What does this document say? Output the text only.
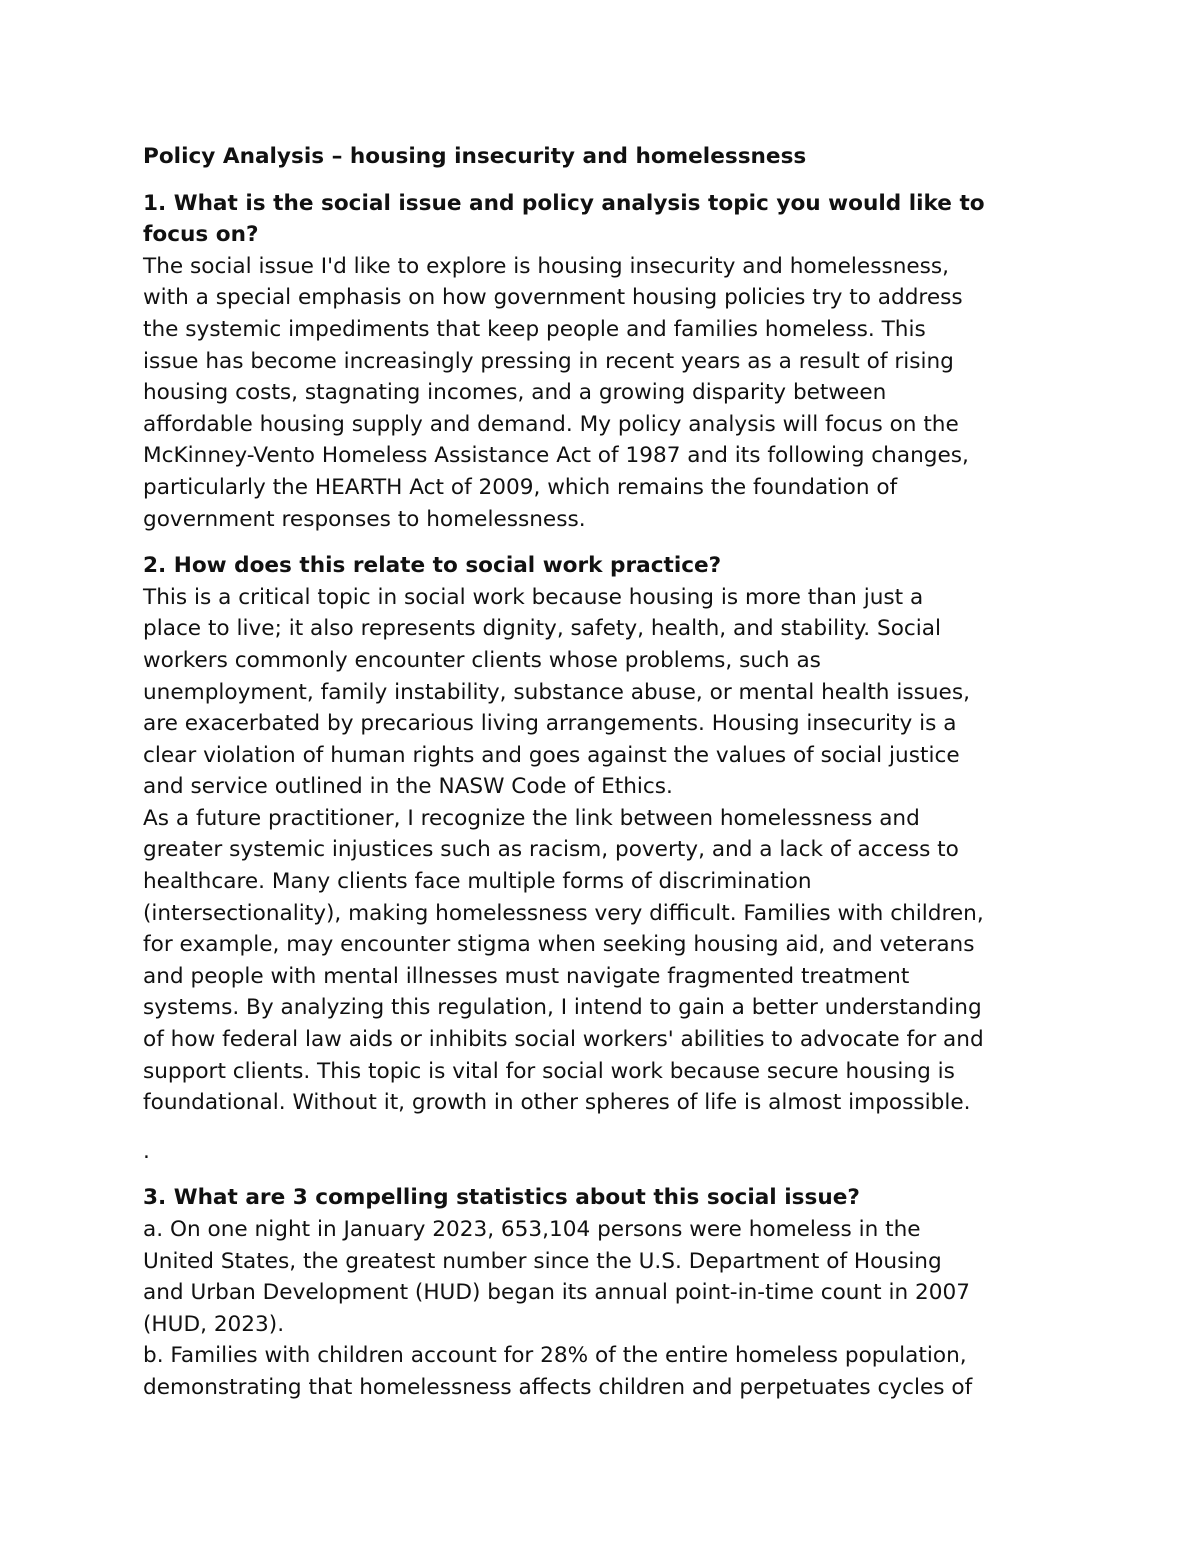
Policy Analysis – housing insecurity and homelessness
1. What is the social issue and policy analysis topic you would like to
focus on?
The social issue I'd like to explore is housing insecurity and homelessness,
with a special emphasis on how government housing policies try to address
the systemic impediments that keep people and families homeless. This
issue has become increasingly pressing in recent years as a result of rising
housing costs, stagnating incomes, and a growing disparity between
affordable housing supply and demand. My policy analysis will focus on the
McKinney-Vento Homeless Assistance Act of 1987 and its following changes,
particularly the HEARTH Act of 2009, which remains the foundation of
government responses to homelessness.
2. How does this relate to social work practice?
This is a critical topic in social work because housing is more than just a
place to live; it also represents dignity, safety, health, and stability. Social
workers commonly encounter clients whose problems, such as
unemployment, family instability, substance abuse, or mental health issues,
are exacerbated by precarious living arrangements. Housing insecurity is a
clear violation of human rights and goes against the values of social justice
and service outlined in the NASW Code of Ethics.
As a future practitioner, I recognize the link between homelessness and
greater systemic injustices such as racism, poverty, and a lack of access to
healthcare. Many clients face multiple forms of discrimination
(intersectionality), making homelessness very difficult. Families with children,
for example, may encounter stigma when seeking housing aid, and veterans
and people with mental illnesses must navigate fragmented treatment
systems. By analyzing this regulation, I intend to gain a better understanding
of how federal law aids or inhibits social workers' abilities to advocate for and
support clients. This topic is vital for social work because secure housing is
foundational. Without it, growth in other spheres of life is almost impossible.
.
3. What are 3 compelling statistics about this social issue?
a. On one night in January 2023, 653,104 persons were homeless in the
United States, the greatest number since the U.S. Department of Housing
and Urban Development (HUD) began its annual point-in-time count in 2007
(HUD, 2023).
b. Families with children account for 28% of the entire homeless population,
demonstrating that homelessness affects children and perpetuates cycles of
